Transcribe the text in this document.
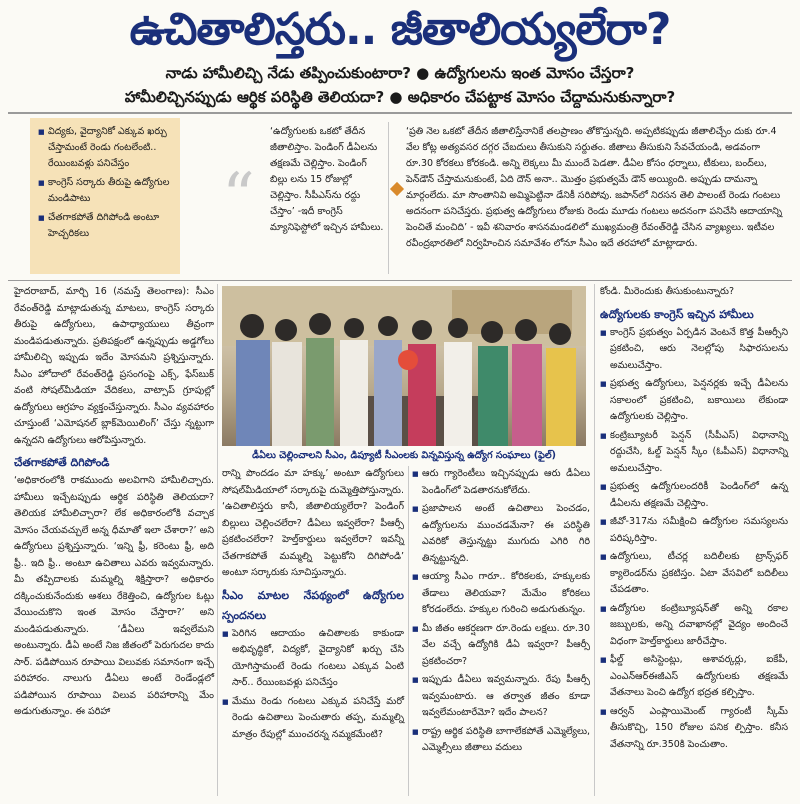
ఉచితాలిస్తరు.. జీతాలియ్యలేరా?
నాడు హామీలిచ్చి నేడు తప్పించుకుంటారా? ● ఉద్యోగులను ఇంత మోసం చేస్తరా?
హామీలిచ్చినప్పుడు ఆర్థిక పరిస్థితి తెలియదా? ● అధికారం చేపట్టాక మోసం చేద్దామనుకున్నారా?
■ విద్యకు, వైద్యానికో ఎక్కువ ఖర్చు చేస్తామంటే రెండు గంటలేంటి.. రేయింబవళ్లు పనిచేస్తం
■ కాంగ్రెస్ సర్కారు తీరుపై ఉద్యోగుల మండిపాటు
■ చేతగాకపోతే దిగిపోండి అంటూ హెచ్చరికలు	“
‘ఉద్యోగులకు ఒకటో తేదీన జీతాలిస్తాం. పెండింగ్ డీఏలను తక్షణమే చెల్లిస్తాం. పెండింగ్ బిల్లు లను 15 రోజుల్లో చెల్లిస్తాం. సీపీఎస్‌ను రద్దు చేస్తాం’ -ఇదీ కాంగ్రెస్ మ్యానిఫెస్టోలో ఇచ్చిన హామీలు.
‘ప్రతి నెల ఒకటో తేదీన జీతాలిస్తేనానికే తలప్రాణం తోకొస్తున్నది. అప్పటికప్పుడు జీతాలిచ్చేం దుకు రూ.4 వేల కోట్ల అత్యవసర దగ్గర చేబదులు తీసుకుని సర్దుతం. జీతాలు తీసుకుని సేవచేయండి, అడవంగా రూ.30 కోరకలు కోరకండి. అన్ని లెక్కలు మీ ముందే పెడతా. డీఏల కోసం ధర్నాలు, టీకులు, బంద్‌లు, పెన్‌డౌన్ చేస్తామనుకుంటే, ఏది దౌన్ అనా.. మొత్తం ప్రభుత్వమే డౌన్ అయ్యింది. అప్పుడు దామన్నా మార్గంలేదు. మా సొంతానివి అమ్మిపెట్టినా డేనికీ సరిపోవు. జపాన్‌లో నిరసన తెలి పాలంటే రెండు గంటలు అదనంగా పనిచేస్తరు. ప్రభుత్వ ఉద్యోగులు రోజుకు రెండు మూడు గంటలు అదనంగా పనిచేసి ఆదాయాన్ని పెంచితే మంచిది’ - ఇవీ శనివారం శాసనమండలిలో ముఖ్యమంత్రి రేవంత్‌రెడ్డి చేసిన వ్యాఖ్యలు. ఇటీవల రవీంద్రభారతిలో నిర్వహించిన సమావేశం లోనూ సీఎం ఇదే తరహాలో మాట్లాడారు.

హైదరాబాద్, మార్చి 16 (నమస్తే తెలంగాణ): సీఎం రేవంత్‌రెడ్డి మాట్లాడుతున్న మాటలు, కాంగ్రెస్ సర్కారు తీరుపై ఉద్యోగులు, ఉపాధ్యాయులు తీవ్రంగా మండిపడుతున్నారు. ప్రతిపక్షంలో ఉన్నప్పుడు అడ్డగోలు హామీలిచ్చి ఇప్పుడు ఇదేం మోసమని ప్రశ్నిస్తున్నారు. సీఎం హోదాలో రేవంత్‌రెడ్డి ప్రసంగంపై ఎక్స్, ఫేస్‌బుక్ వంటి సోషల్‌మీడియా వేదికలు, వాట్సాప్ గ్రూపుల్లో ఉద్యోగులు ఆగ్రహం వ్యక్తంచేస్తున్నారు. సీఎం వ్యవహారం చూస్తుంటే ‘ఎమోషనల్ బ్లాక్‌మెయిలింగ్’ చేస్తు న్నట్టుగా ఉన్నదని ఉద్యోగులు ఆరోపిస్తున్నారు.

చేతగాకపోతే దిగిపోండి

‘అధికారంలోకి రాకముందు అలవిగాని హామీలిచ్చారు. హామీలు ఇచ్చేటప్పుడు ఆర్థిక పరిస్థితి తెలియదా? తెలియక హామీలిచ్చారా? లేక అధికారంలోకి వచ్చాక మోసం చేయవచ్చులే అన్న ధీమాతో ఇలా చేశారా?’ అని ఉద్యోగులు ప్రశ్నిస్తున్నారు. ‘ఇన్ని ఫ్రీ, కరెంటు ఫ్రీ, అది ఫ్రీ.. ఇది ఫ్రీ.. అంటూ ఉచితాలు ఎవరు ఇవ్వమన్నారు. మీ తప్పిదాలకు మమ్మల్ని శిక్షిస్తారా? అధికారం దక్కించుకునేందుకు ఆశలు రేకెత్తించి, ఉద్యోగుల ఓట్లు వేయించుకొని ఇంత మోసం చేస్తారా?’ అని మండిపడుతున్నారు. ‘డీఏలు ఇవ్వలేమని అంటున్నారు. డీఏ అంటే నిజ జీతంలో పెరుగుదల కాదు సార్. పడిపోయిన రూపాయి విలువకు సమానంగా ఇచ్చే పరిహారం. నాలుగు డీఏలు అంటే రెండేండ్లలో పడిపోయిన రూపాయి విలువ పరిహారాన్ని మేం అడుగుతున్నాం. ఈ పరిహా

డీఏలు చెల్లించాలని సీఎం, డిప్యూటీ సీఎంలకు విన్నవిస్తున్న ఉద్యోగ సంఘాలు (ఫైల్)

రాన్ని పొందడం మా హక్కు’ అంటూ ఉద్యోగులు సోషల్‌మీడియాలో సర్కారుపై దుమ్మెత్తిపోస్తున్నారు. ‘ఉచితాలిస్తరు కానీ, జీతాలియ్యలేరా? పెండింగ్ బిల్లులు చెల్లించలేరా? డీఏలు ఇవ్వలేరా? పీఆర్సీ ప్రకటించలేరా? హెల్త్‌కార్డులు ఇవ్వలేరా? ఇవన్నీ చేతగాకపోతే మమ్మల్ని పెట్టుకోని దిగిపోండి’ అంటూ సర్కారుకు సూచిస్తున్నారు.

సీఎం మాటల నేపథ్యంలో ఉద్యోగుల స్పందనలు

■ పెరిగిన ఆదాయం ఉచితాలకు కాకుండా అభివృద్ధికో, విద్యకో, వైద్యానికో ఖర్చు చేసి యోగిస్తామంటే రెండు గంటలు ఎక్కువ ఏంటి సార్.. రేయింబవళ్లు పనిచేస్తం

■ మేము రెండు గంటలు ఎక్కువ పనిచేస్తే మరో రెండు ఉచితాలు పెంచుతారు తప్ప, మమ్మల్ని మాత్రం రేపుల్లో ముంచరన్న నమ్మకమేంటి?

■ ఆరు గ్యారెంటీలు ఇచ్చినప్పుడు ఆరు డీఏలు పెండింగ్‌లో పెడతారనుకోలేదు.

■ ప్రజాపాలన అంటే ఉచితాలు పెంచడం, ఉద్యోగులను ముంచడమేనా? ఈ పరిస్థితి ఎవరికో తెస్తున్నట్టు ముగుదు ఎగిరి గిరి తిన్నట్టున్నది.

■ ఆయ్యా సీఎం గారూ.. కోరికలకు, హక్కులకు తేడాలు తెలియవా? మేమేం కోరికలు కోరడంలేదు. హక్కుల గురించి అడుగుతున్నం.

■ మీ జీతం ఆకర్షణగా రూ.రెండు లక్షలు. రూ.30 వేల వచ్చే ఉద్యోగికి డీఏ ఇవ్వరా? పీఆర్సీ ప్రకటించరా?

■ ఇప్పుడు డీఏలు ఇవ్వమన్నారు. రేపు పీఆర్సీ ఇవ్వమంటారు. ఆ తర్వాత జీతం కూడా ఇవ్వలేమంటారేమో? ఇదేం పాలన?

■ రాష్ట్ర ఆర్థిక పరిస్థితి బాగాలేకపోతే ఎమ్మెల్యేలు, ఎమ్మెల్సీలు జీతాలు వదులు

కోండి. మీరెందుకు తీసుకుంటున్నారు?

ఉద్యోగులకు కాంగ్రెస్ ఇచ్చిన హామీలు

■ కాంగ్రెస్ ప్రభుత్వం ఏర్పడిన వెంటనే కొత్త పీఆర్సీని ప్రకటించి, ఆరు నెలల్లోపు సిఫారసులను అమలుచేస్తాం.

■ ప్రభుత్వ ఉద్యోగులు, పెన్షనర్లకు ఇచ్చే డీఏలను సకాలంలో ప్రకటించి, బకాయిలు లేకుండా ఉద్యోగులకు చెల్లిస్తాం.

■ కంట్రిబ్యూటరీ పెన్షన్ (సీపీఎస్) విధానాన్ని రద్దుచేసి, ఓల్డ్ పెన్షన్ స్కీం (ఓపీఎస్) విధానాన్ని అమలుచేస్తాం.

■ ప్రభుత్వ ఉద్యోగులందరికీ పెండింగ్‌లో ఉన్న డీఏలను తక్షణమే చెల్లిస్తాం.

■ జీవో-317ను సమీక్షించి ఉద్యోగుల సమస్యలను పరిష్కరిస్తాం.

■ ఉద్యోగులు, టీచర్ల బదిలీలకు ట్రాన్స్‌ఫర్ క్యాలెండర్‌ను ప్రకటిస్తం. ఏటా వేసవిలో బదిలీలు చేపడతాం.

■ ఉద్యోగుల కంట్రిబ్యూషన్‌తో అన్ని రకాల జబ్బులకు, అన్ని దవాఖానల్లో వైద్యం అందించే విధంగా హెల్త్‌కార్డులు జారీచేస్తాం.

■ ఫీల్డ్ అసిస్టెంట్లు, ఆశావర్కర్లు, ఐకేపీ, ఎంఎన్‌ఆర్‌ఈజీఎస్ ఉద్యోగులకు తక్షణమే వేతనాలు పెంచి ఉద్యోగ భద్రత కల్పిస్తాం.

■ ఆర్వన్ ఎంప్లాయిమెంట్ గ్యారంటీ స్కీమ్ తీసుకొచ్చి, 150 రోజుల పనిక ల్పిస్తాం. కనీస వేతనాన్ని రూ.350కి పెంచుతాం.
